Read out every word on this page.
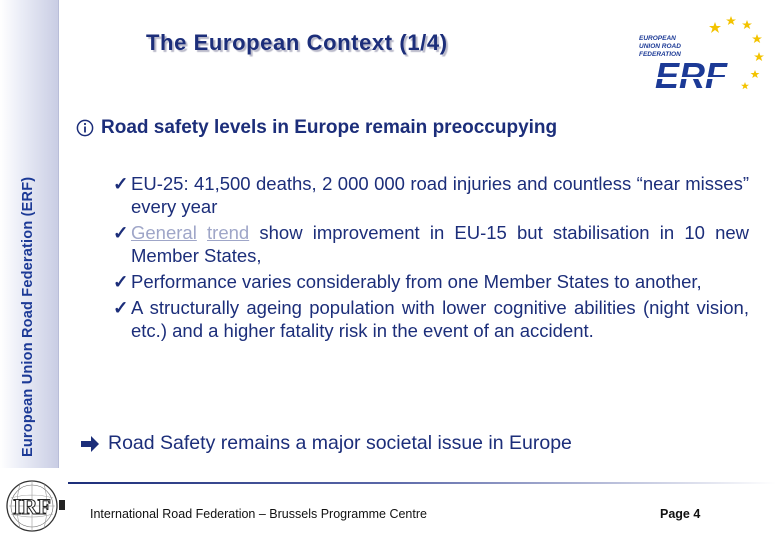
European Union Road Federation (ERF)
The European Context (1/4)	EUROPEAN
UNION ROAD
FEDERATION
ERF
Road safety levels in Europe remain preoccupying
✓ EU-25: 41,500 deaths, 2 000 000 road injuries and countless “near misses” every year
✓ General trend show improvement in EU-15 but stabilisation in 10 new Member States,
✓ Performance varies considerably from one Member States to another,
✓ A structurally ageing population with lower cognitive abilities (night vision, etc.) and a higher fatality risk in the event of an accident.
Road Safety remains a major societal issue in Europe
IRF	International Road Federation – Brussels Programme Centre	Page 4
